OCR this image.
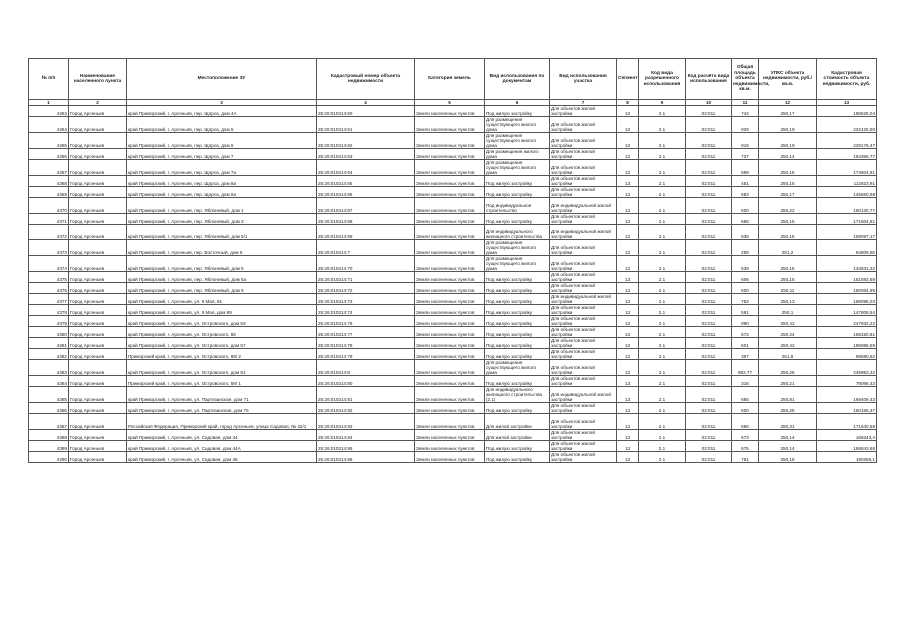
№ п/п	Наименование населенного пункта	Местоположение ЗУ	Кадастровый номер объекта недвижимости	Категория земель	Вид использования по документам	Вид использования участка	Сегмент	Код вида разрешенного использования	Код расчёта вида использования	Общая площадь объекта недвижимости, кв.м.	УПКС объекта недвижимости, руб./кв.м.	Кадастровая стоимость объекта недвижимости, руб.
1	2	3	4	5	6	7	8	9	10	11	12	13
4363	Город Арсеньев	край Приморский, г. Арсеньев, пер. Щорса, дом 4А	25:26:010314:60	Земли населенных пунктов	Под жилую застройку	Для объектов жилой застройки	13	2.1	02:011	742	250,17	185628,04
4364	Город Арсеньев	край Приморский, г. Арсеньев, пер. Щорса, дом 5	25:26:010314:61	Земли населенных пунктов	Для размещения существующего жилого дома	Для объектов жилой застройки	13	2.1	02:011	929	250,19	232425,50
4365	Город Арсеньев	край Приморский, г. Арсеньев, пер. Щорса, дом 6	25:26:010314:62	Земли населенных пунктов	Для размещения существующего жилого дома	Для объектов жилой застройки	13	2.1	02:011	916	250,19	229176,47
4366	Город Арсеньев	край Приморский, г. Арсеньев, пер. Щорса, дом 7	25:26:010314:63	Земли населенных пунктов	Для размещения жилого дома	Для объектов жилой застройки	13	2.1	02:011	737	250,14	184356,77
4367	Город Арсеньев	край Приморский, г. Арсеньев, пер. Щорса, дом 7а	25:26:010314:64	Земли населенных пунктов	Для размещения существующего жилого дома	Для объектов жилой застройки	13	2.1	02:011	698	250,15	174604,81
4368	Город Арсеньев	край Приморский, г. Арсеньев, пер. Щорса, дом 8а	25:26:010314:65	Земли населенных пунктов	Под жилую застройку	Для объектов жилой застройки	13	2.1	02:011	451	250,15	112823,91
4369	Город Арсеньев	край Приморский, г. Арсеньев, пер. Щорса, дом 8а	25:26:010314:66	Земли населенных пунктов	Под жилую застройку	Для объектов жилой застройки	13	2.1	02:011	583	250,17	145850,98
4370	Город Арсеньев	край Приморский, г. Арсеньев, пер. Яблоневый, дом 1	25:26:010314:67	Земли населенных пунктов	Под индивидуальное строительство	Для индивидуальной жилой застройки	13	2.1	02:011	600	250,22	150130,77
4371	Город Арсеньев	край Приморский, г. Арсеньев, пер. Яблоневый, дом 3	25:26:010314:68	Земли населенных пунктов	Под жилую застройку	Для объектов жилой застройки	13	2.1	02:011	686	250,15	171604,81
4372	Город Арсеньев	край Приморский, г. Арсеньев, пер. Яблоневый, дом 5/1	25:26:010314:69	Земли населенных пунктов	Для индивидуального жилищного строительства	Для индивидуальной жилой застройки	13	2.1	02:011	636	250,15	159097,17
4373	Город Арсеньев	край Приморский, г. Арсеньев, пер. Восточный, дом 6	25:26:010314:7	Земли населенных пунктов	Для размещения существующего жилого дома	Для объектов жилой застройки	13	2.1	02:011	258	251,2	64809,65
4374	Город Арсеньев	край Приморский, г. Арсеньев, пер. Яблоневый, дом 5	25:26:010314:70	Земли населенных пунктов	Для размещения существующего жилого дома	Для объектов жилой застройки	13	2.1	02:011	539	250,15	134831,32
4375	Город Арсеньев	край Приморский, г. Арсеньев, пер. Яблоневый, дом 5а	25:26:010314:71	Земли населенных пунктов	Под жилую застройку	Для объектов жилой застройки	13	2.1	02:011	606	250,15	151592,59
4376	Город Арсеньев	край Приморский, г. Арсеньев, пер. Яблоневый, дом 9	25:26:010314:72	Земли населенных пунктов	Под жилую застройку	Для объектов жилой застройки	13	2.1	02:011	600	250,11	150064,95
4377	Город Арсеньев	край Приморский, г. Арсеньев, ул. 9 Мая, 81	25:26:010314:73	Земли населенных пунктов	Под жилую застройку	Для индивидуальной жилой застройки	13	2.1	02:011	752	250,13	188095,03
4378	Город Арсеньев	край Приморский, г. Арсеньев, ул. 9 Мая, дом 89	25:26:010314:74	Земли населенных пунктов	Под жилую застройку	Для объектов жилой застройки	13	2.1	02:011	591	250,1	147809,54
4379	Город Арсеньев	край Приморский, г. Арсеньев, ул. Островского, дом 53	25:26:010314:76	Земли населенных пунктов	Под жилую застройку	Для объектов жилой застройки	13	2.1	02:011	990	250,42	247932,22
4380	Город Арсеньев	край Приморский, г. Арсеньев, ул. Островского, 55	25:26:010314:77	Земли населенных пунктов	Под жилую застройку	Для объектов жилой застройки	13	2.1	02:011	672	250,24	168150,81
4381	Город Арсеньев	край Приморский, г. Арсеньев, ул. Островского, дом 57	25:26:010314:78	Земли населенных пунктов	Под жилую застройку	Для объектов жилой застройки	13	2.1	02:011	601	250,42	185988,59
4382	Город Арсеньев	Приморский край, г. Арсеньев, ул. Островского, 69/ 2	25:26:010314:79	Земли населенных пунктов	Под жилую застройку	Для объектов жилой застройки	13	2.1	02:011	397	251,8	99580,62
4383	Город Арсеньев	край Приморский, г. Арсеньев, ул. Островского, дом 51	25:26:010314:8	Земли населенных пунктов	Для размещения существующего жилого дома	Для объектов жилой застройки	13	2.1	02:011	982,77	250,26	245953,32
4384	Город Арсеньев	Приморский край, г. Арсеньев, ул. Островского, 59/ 1	25:26:010314:80	Земли населенных пунктов	Под жилую застройку	Для объектов жилой застройки	13	2.1	02:011	316	250,21	79066,43
4385	Город Арсеньев	край Приморский, г. Арсеньев, ул. Партизанская, дом 71	25:26:010314:81	Земли населенных пунктов	Для индивидуального жилищного строительства (2.1)	Для индивидуальной жилой застройки	13	2.1	02:011	665	250,81	169409,43
4386	Город Арсеньев	край Приморский, г. Арсеньев, ул. Партизанская, дом 75	25:26:010314:82	Земли населенных пунктов	Под жилую застройку	Для объектов жилой застройки	13	2.1	02:011	600	250,25	150155,37
4387	Город Арсеньев	Российская Федерация, Приморский край, город Арсеньев, улица Садовая, № 42/1	25:26:010314:83	Земли населенных пунктов	Для жилой застройки	Для объектов жилой застройки	13	2.1	02:011	686	250,31	171640,58
4388	Город Арсеньев	край Приморский, г. Арсеньев, ул. Садовая, дом 44	25:26:010314:84	Земли населенных пунктов	Для жилой застройки	Для объектов жилой застройки	13	2.1	02:011	673	250,14	168343,4
4389	Город Арсеньев	край Приморский, г. Арсеньев, ул. Садовая, дом 44А	25:26:010314:85	Земли населенных пунктов	Под жилую застройку	Для объектов жилой застройки	13	2.1	02:011	675	250,14	168843,68
4390	Город Арсеньев	край Приморский, г. Арсеньев, ул. Садовая, дом 46	25:26:010314:86	Земли населенных пунктов	Под жилую застройку	Для объектов жилой застройки	13	2.1	02:011	761	250,16	190366,1
